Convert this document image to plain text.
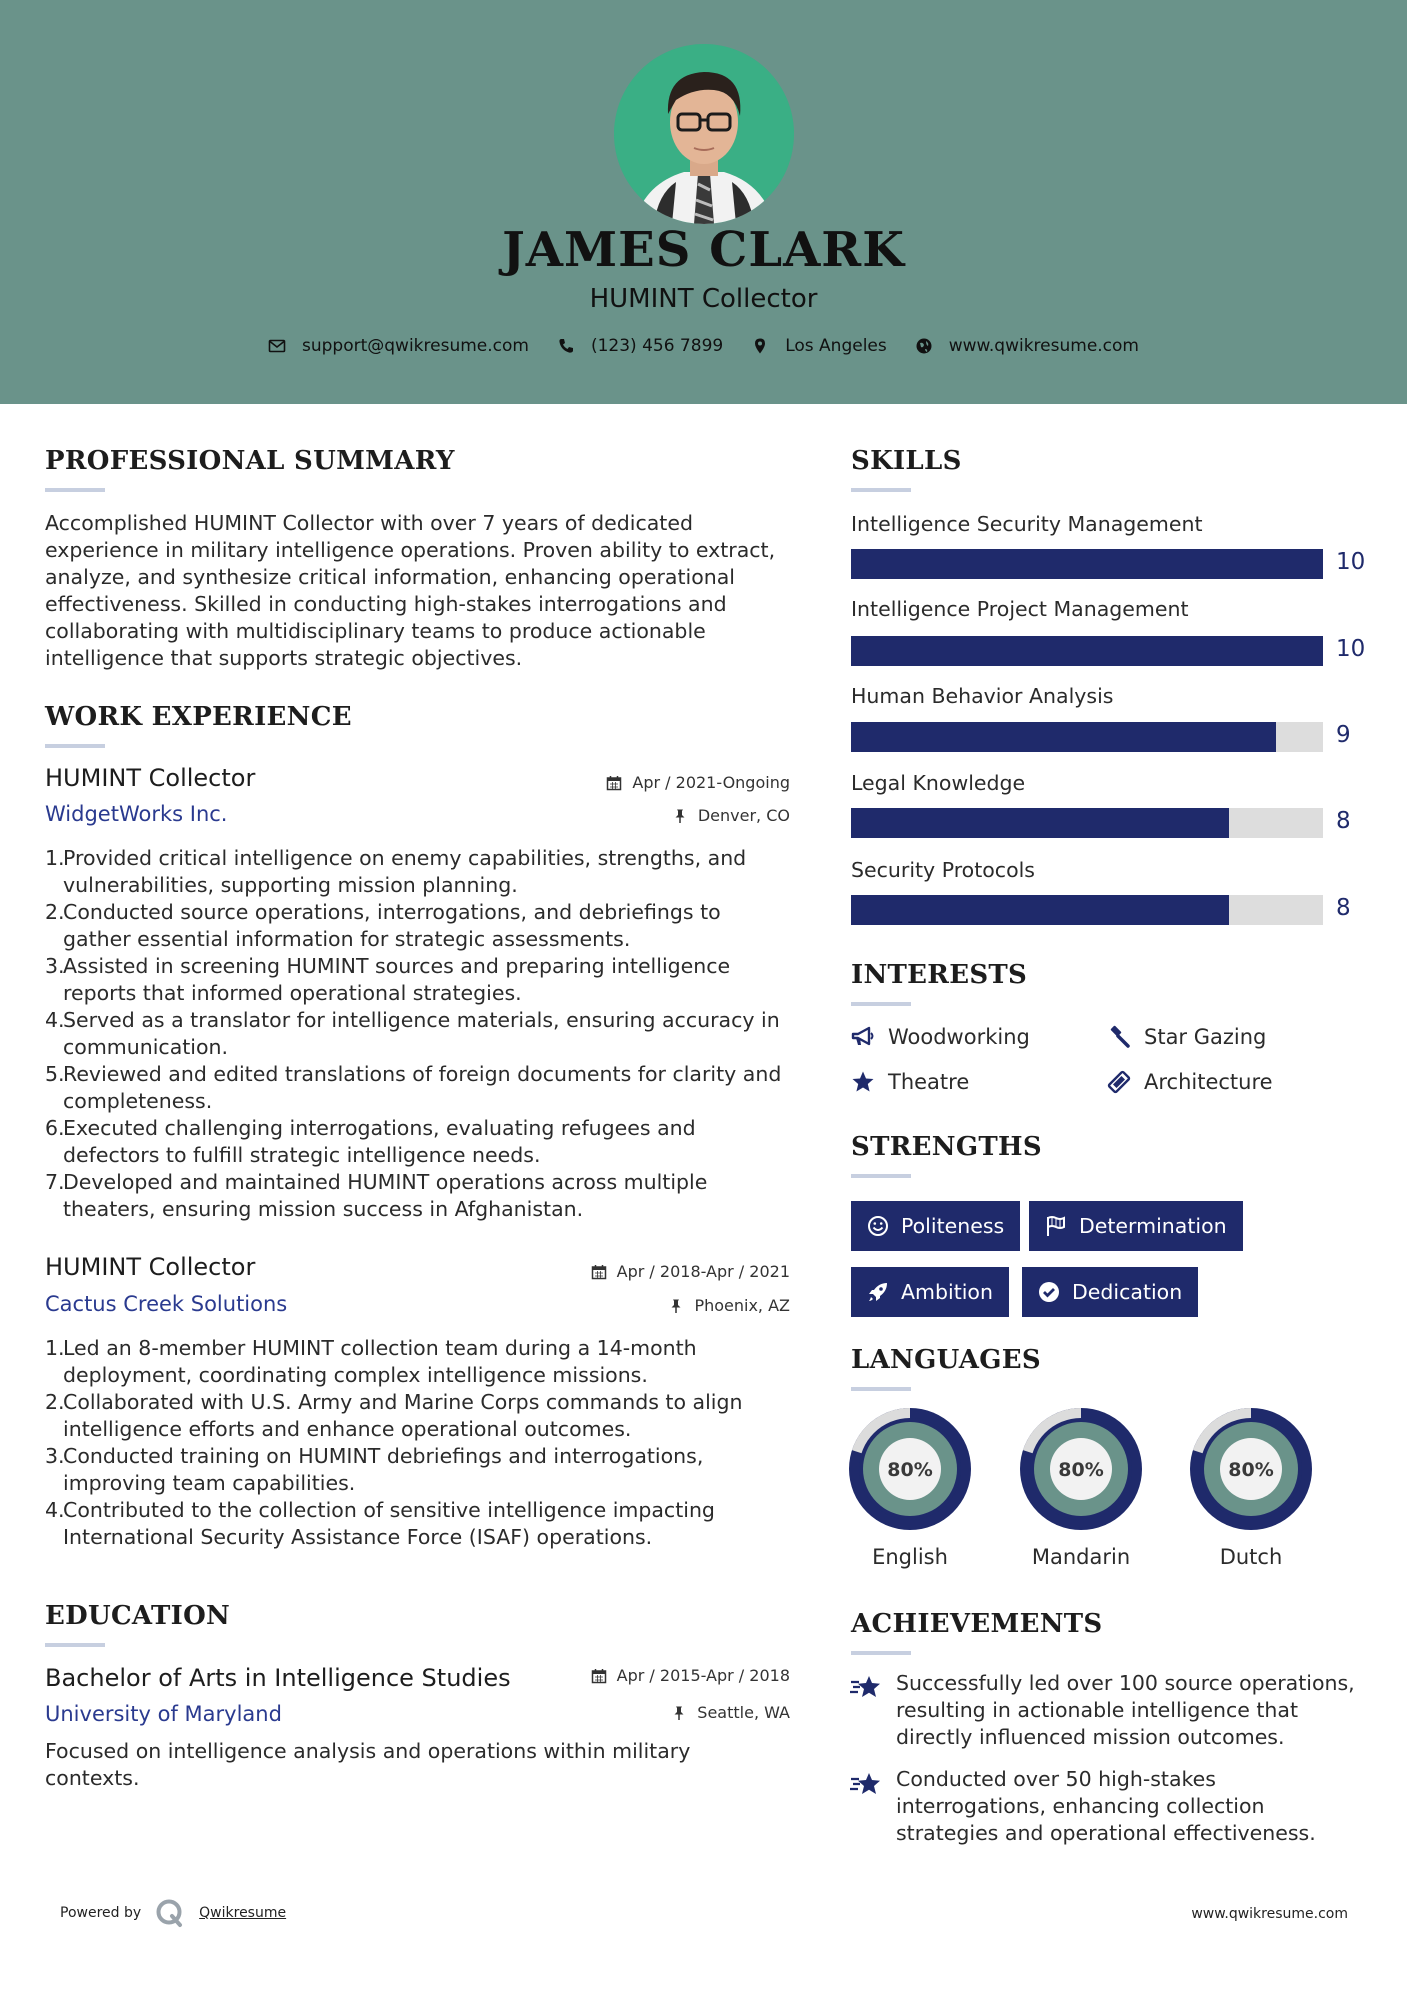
JAMES CLARK
HUMINT Collector
support@qwikresume.com	(123) 456 7899	Los Angeles	www.qwikresume.com
PROFESSIONAL SUMMARY
Accomplished HUMINT Collector with over 7 years of dedicated experience in military intelligence operations. Proven ability to extract, analyze, and synthesize critical information, enhancing operational effectiveness. Skilled in conducting high-stakes interrogations and collaborating with multidisciplinary teams to produce actionable intelligence that supports strategic objectives.
WORK EXPERIENCE
HUMINT Collector	Apr / 2021-Ongoing
WidgetWorks Inc.	Denver, CO
1.
Provided critical intelligence on enemy capabilities, strengths, and vulnerabilities, supporting mission planning.
2.
Conducted source operations, interrogations, and debriefings to gather essential information for strategic assessments.
3.
Assisted in screening HUMINT sources and preparing intelligence reports that informed operational strategies.
4.
Served as a translator for intelligence materials, ensuring accuracy in communication.
5.
Reviewed and edited translations of foreign documents for clarity and completeness.
6.
Executed challenging interrogations, evaluating refugees and defectors to fulfill strategic intelligence needs.
7.
Developed and maintained HUMINT operations across multiple theaters, ensuring mission success in Afghanistan.
HUMINT Collector	Apr / 2018-Apr / 2021
Cactus Creek Solutions	Phoenix, AZ
1.
Led an 8-member HUMINT collection team during a 14-month deployment, coordinating complex intelligence missions.
2.
Collaborated with U.S. Army and Marine Corps commands to align intelligence efforts and enhance operational outcomes.
3.
Conducted training on HUMINT debriefings and interrogations, improving team capabilities.
4.
Contributed to the collection of sensitive intelligence impacting International Security Assistance Force (ISAF) operations.
EDUCATION
Bachelor of Arts in Intelligence Studies	Apr / 2015-Apr / 2018
University of Maryland	Seattle, WA
Focused on intelligence analysis and operations within military contexts.
SKILLS
Intelligence Security Management
10
Intelligence Project Management
10
Human Behavior Analysis
9
Legal Knowledge
8
Security Protocols
8
INTERESTS
Woodworking	Star Gazing
Theatre	Architecture
STRENGTHS
Politeness	Determination
Ambition	Dedication
LANGUAGES
80%	80%	80%
English	Mandarin	Dutch
ACHIEVEMENTS
Successfully led over 100 source operations, resulting in actionable intelligence that directly influenced mission outcomes.
Conducted over 50 high-stakes interrogations, enhancing collection strategies and operational effectiveness.
Powered by	Qwikresume	www.qwikresume.com
